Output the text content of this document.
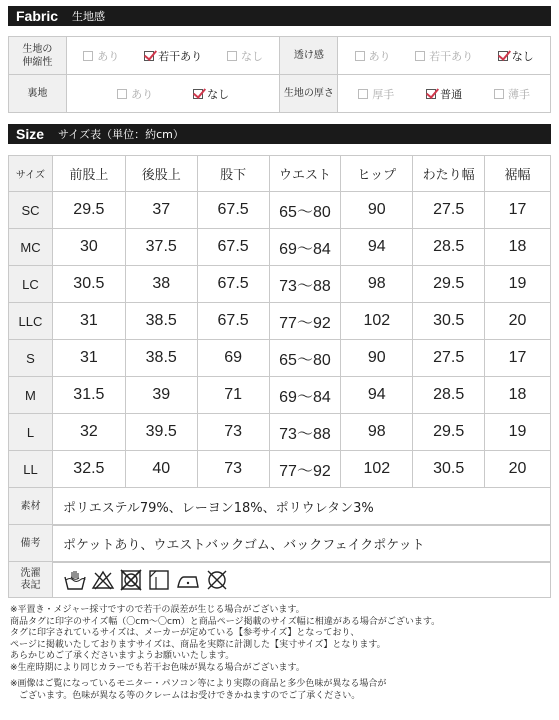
Fabric 生地感
生地の
伸縮性	あり 若干あり なし	透け感	あり 若干あり なし

裏地	あり なし	生地の厚さ	厚手 普通 薄手
Size サイズ表（単位：約cm）
サイズ	前股上	後股上	股下	ウエスト	ヒップ	わたり幅	裾幅
SC	29.5	37	67.5	65〜80	90	27.5	17
MC	30	37.5	67.5	69〜84	94	28.5	18
LC	30.5	38	67.5	73〜88	98	29.5	19
LLC	31	38.5	67.5	77〜92	102	30.5	20
S	31	38.5	69	65〜80	90	27.5	17
M	31.5	39	71	69〜84	94	28.5	18
L	32	39.5	73	73〜88	98	29.5	19
LL	32.5	40	73	77〜92	102	30.5	20
素材	ポリエステル79%、レーヨン18%、ポリウレタン3%
備考	ポケットあり、ウエストバックゴム、バックフェイクポケット
洗濯
表記	
※平置き・メジャー採寸ですので若干の誤差が生じる場合がございます。
商品タグに印字のサイズ幅（〇cm〜〇cm）と商品ページ掲載のサイズ幅に相違がある場合がございます。
タグに印字されているサイズは、メーカーが定めている【参考サイズ】となっており、
ページに掲載いたしておりますサイズは、商品を実際に計測した【実寸サイズ】となります。
あらかじめご了承くださいますようお願いいたします。
※生産時期により同じカラーでも若干お色味が異なる場合がございます。
※画像はご覧になっているモニター・パソコン等により実際の商品と多少色味が異なる場合が
　ございます。色味が異なる等のクレームはお受けできかねますのでご了承ください。
